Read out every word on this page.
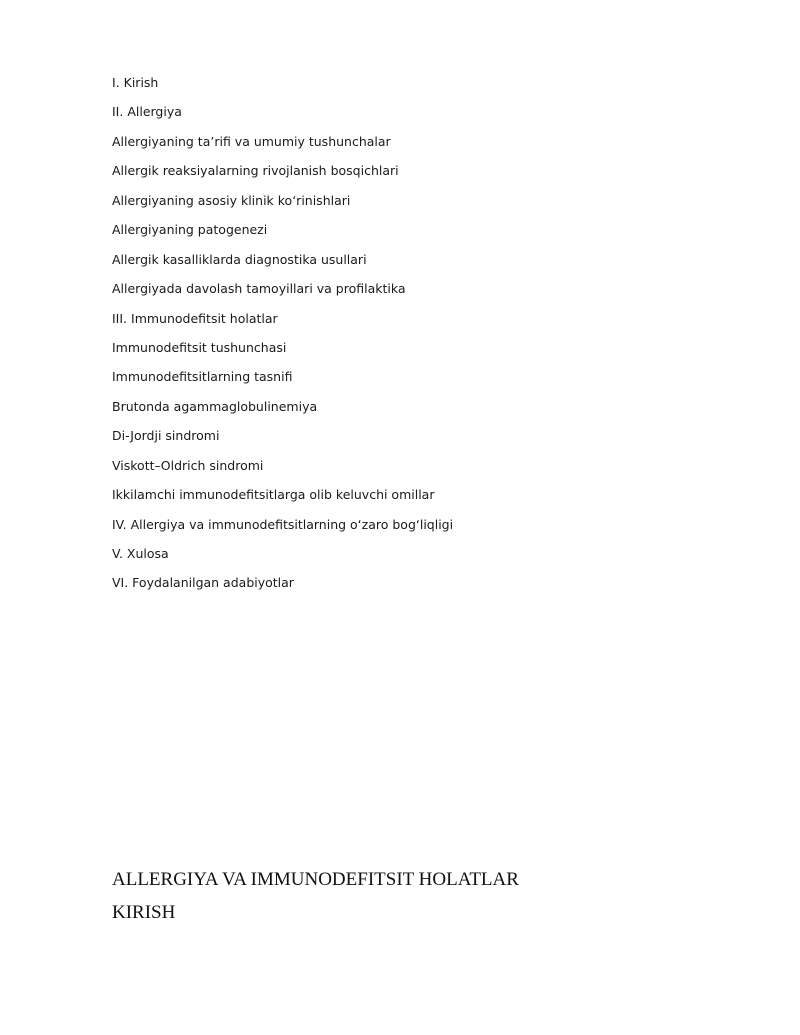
I. Kirish
II. Allergiya
Allergiyaning ta’rifi va umumiy tushunchalar
Allergik reaksiyalarning rivojlanish bosqichlari
Allergiyaning asosiy klinik ko‘rinishlari
Allergiyaning patogenezi
Allergik kasalliklarda diagnostika usullari
Allergiyada davolash tamoyillari va profilaktika
III. Immunodefitsit holatlar
Immunodefitsit tushunchasi
Immunodefitsitlarning tasnifi
Brutonda agammaglobulinemiya
Di-Jordji sindromi
Viskott–Oldrich sindromi
Ikkilamchi immunodefitsitlarga olib keluvchi omillar
IV. Allergiya va immunodefitsitlarning o‘zaro bog‘liqligi
V. Xulosa
VI. Foydalanilgan adabiyotlar
ALLERGIYA VA IMMUNODEFITSIT HOLATLAR
KIRISH
